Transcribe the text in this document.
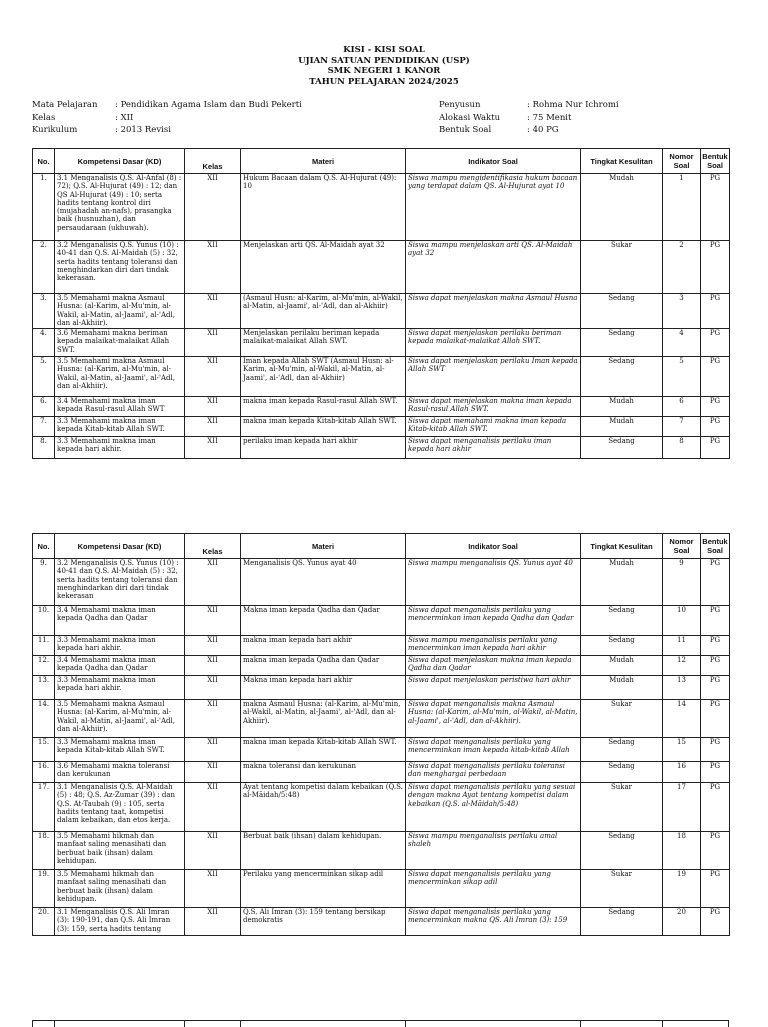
KISI - KISI SOAL
UJIAN SATUAN PENDIDIKAN (USP)
SMK NEGERI 1 KANOR
TAHUN PELAJARAN 2024/2025
Mata Pelajaran	: Pendidikan Agama Islam dan Budi Pekerti
Kelas	: XII
Kurikulum	: 2013 Revisi
Penyusun	: Rohma Nur Ichromi
Alokasi Waktu	: 75 Menit
Bentuk Soal	: 40 PG
No.	Kompetensi Dasar (KD)	Kelas	Materi	Indikator Soal	Tingkat Kesulitan	Nomor Soal	Bentuk Soal
1.	3.1 Menganalisis Q.S. Al-Anfal (8) : 72); Q.S. Al-Hujurat (49) : 12; dan QS Al-Hujurat (49) : 10; serta hadits tentang kontrol diri (mujahadah an-nafs), prasangka baik (husnuzhan), dan persaudaraan (ukhuwah).	XII	Hukum Bacaan dalam Q.S. Al-Hujurat (49): 10	Siswa mampu mengidentifikasia hukum bacaan yang terdapat dalam QS. Al-Hujurat ayat 10	Mudah	1	PG
2.	3.2 Menganalisis Q.S. Yunus (10) : 40-41 dan Q.S. Al-Maidah (5) : 32, serta hadits tentang toleransi dan menghindarkan diri dari tindak kekerasan.	XII	Menjelaskan arti QS. Al-Maidah ayat 32	Siswa mampu menjelaskan arti QS. Al-Maidah ayat 32	Sukar	2	PG
3.	3.5 Memahami makna Asmaul Husna: (al-Karim, al-Mu'min, al-Wakil, al-Matin, al-Jaami', al-'Adl, dan al-Akhiir).	XII	(Asmaul Husn: al-Karim, al-Mu'min, al-Wakil, al-Matin, al-Jaami', al-'Adl, dan al-Akhiir)	Siswa dapat menjelaskan makna Asmaul Husna	Sedang	3	PG
4.	3.6 Memahami makna beriman kepada malaikat-malaikat Allah SWT.	XII	Menjelaskan perilaku beriman kepada malaikat-malaikat Allah SWT.	Siswa dapat menjelaskan perilaku beriman kepada malaikat-malaikat Allah SWT.	Sedang	4	PG
5.	3.5 Memahami makna Asmaul Husna: (al-Karim, al-Mu'min, al-Wakil, al-Matin, al-Jaami', al-'Adl, dan al-Akhiir).	XII	Iman kepada Allah SWT (Asmaul Husn: al-Karim, al-Mu'min, al-Wakil, al-Matin, al-Jaami', al-'Adl, dan al-Akhiir)	Siswa dapat menjelaskan perilaku Iman kepada Allah SWT	Sedang	5	PG
6.	3.4 Memahami makna iman kepada Rasul-rasul Allah SWT	XII	makna iman kepada Rasul-rasul Allah SWT.	Siswa dapat menjelaskan makna iman kepada Rasul-rasul Allah SWT.	Mudah	6	PG
7.	3.3 Memahami makna iman kepada Kitab-kitab Allah SWT.	XII	makna iman kepada Kitab-kitab Allah SWT.	Siswa dapat memahami makna iman kepada Kitab-kitab Allah SWT.	Mudah	7	PG
8.	3.3 Memahami makna iman kepada hari akhir.	XII	perilaku iman kepada hari akhir	Siswa dapat menganalisis perilaku iman kepada hari akhir	Sedang	8	PG
No.	Kompetensi Dasar (KD)	Kelas	Materi	Indikator Soal	Tingkat Kesulitan	Nomor Soal	Bentuk Soal
9.	3.2 Menganalisis Q.S. Yunus (10) : 40-41 dan Q.S. Al-Maidah (5) : 32, serta hadits tentang toleransi dan menghindarkan diri dari tindak kekerasan	XII	Menganalisis QS. Yunus ayat 40	Siswa mampu menganalisis QS. Yunus ayat 40	Mudah	9	PG
10.	3.4 Memahami makna iman kepada Qadha dan Qadar	XII	Makna iman kepada Qadha dan Qadar	Siswa dapat menganalisis perilaku yang mencerminkan iman kepada Qadha dan Qadar	Sedang	10	PG
11.	3.3 Memahami makna iman kepada hari akhir.	XII	makna iman kepada hari akhir	Siswa mampu menganalisis perilaku yang mencerminkan iman kepada hari akhir	Sedang	11	PG
12.	3.4 Memahami makna iman kepada Qadha dan Qadar	XII	makna iman kepada Qadha dan Qadar	Siswa dapat menjelaskan makna iman kepada Qadha dan Qadar	Mudah	12	PG
13.	3.3 Memahami makna iman kepada hari akhir.	XII	Makna iman kepada hari akhir	Siswa dapat menjelaskan peristiwa hari akhir	Mudah	13	PG
14.	3.5 Memahami makna Asmaul Husna: (al-Karim, al-Mu'min, al-Wakil, al-Matin, al-Jaami', al-'Adl, dan al-Akhiir).	XII	makna Asmaul Husna: (al-Karim, al-Mu'min, al-Wakil, al-Matin, al-Jaami', al-'Adl, dan al-Akhiir).	Siswa dapat menganalisis makna Asmaul Husna: (al-Karim, al-Mu'min, al-Wakil, al-Matin, al-Jaami', al-'Adl, dan al-Akhiir).	Sukar	14	PG
15.	3.3 Memahami makna iman kepada Kitab-kitab Allah SWT.	XII	makna iman kepada Kitab-kitab Allah SWT.	Siswa dapat menganalisis perilaku yang mencerminkan iman kepada kitab-kitab Allah	Sedang	15	PG
16.	3.6 Memahami makna toleransi dan kerukunan	XII	makna toleransi dan kerukunan	Siswa dapat menganalisis perilaku toleransi dan menghargai perbedaan	Sedang	16	PG
17.	3.1 Menganalisis Q.S. Al-Maidah (5) : 48; Q.S. Az-Zumar (39) : dan Q.S. At-Taubah (9) : 105, serta hadits tentang taat, kompetisi dalam kebaikan, dan etos kerja.	XII	Ayat tentang kompetisi dalam kebaikan (Q.S. al-Māidah/5:48)	Siswa dapat menganalisis perilaku yang sesuai dengan makna Ayat tentang kompetisi dalam kebaikan (Q.S. al-Māidah/5:48)	Sukar	17	PG
18.	3.5 Memahami hikmah dan manfaat saling menasihati dan berbuat baik (ihsan) dalam kehidupan.	XII	Berbuat baik (ihsan) dalam kehidupan.	Siswa mampu menganalisis perilaku amal shaleh	Sedang	18	PG
19.	3.5 Memahami hikmah dan manfaat saling menasihati dan berbuat baik (ihsan) dalam kehidupan.	XII	Perilaku yang mencerminkan sikap adil	Siswa dapat menganalisis perilaku yang mencerminkan sikap adil	Sukar	19	PG
20.	3.1 Menganalisis Q.S. Ali Imran (3): 190-191, dan Q.S. Ali Imran (3): 159, serta hadits tentang	XII	Q.S. Ali Imran (3): 159 tentang bersikap demokratis	Siswa dapat menganalisis perilaku yang mencerminkan makna QS. Ali Imran (3): 159	Sedang	20	PG
